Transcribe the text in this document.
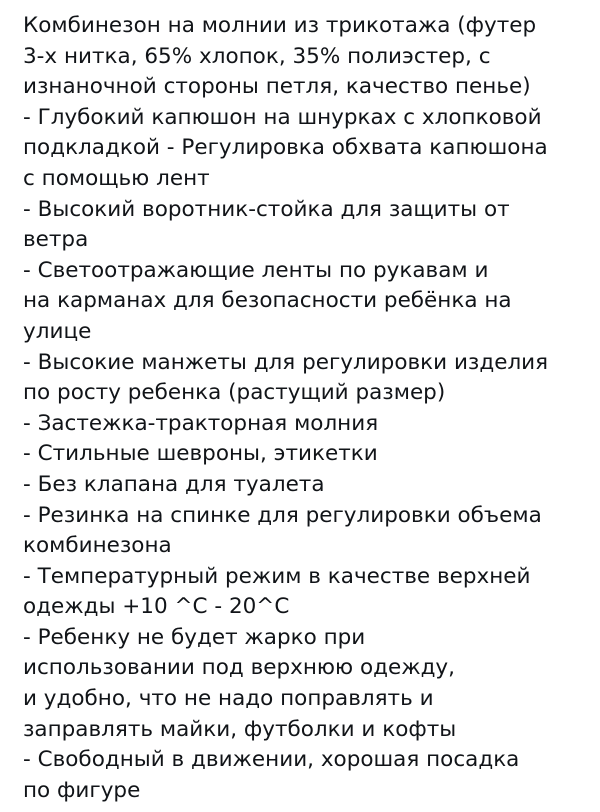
Комбинезон на молнии из трикотажа (футер
3-х нитка, 65% хлопок, 35% полиэстер, с
изнаночной стороны петля, качество пенье)
- Глубокий капюшон на шнурках с хлопковой
подкладкой - Регулировка обхвата капюшона
с помощью лент
- Высокий воротник-стойка для защиты от
ветра
- Светоотражающие ленты по рукавам и
на карманах для безопасности ребёнка на
улице
- Высокие манжеты для регулировки изделия
по росту ребенка (растущий размер)
- Застежка-тракторная молния
- Стильные шевроны, этикетки
- Без клапана для туалета
- Резинка на спинке для регулировки объема
комбинезона
- Температурный режим в качестве верхней
одежды +10 ^С - 20^С
- Ребенку не будет жарко при
использовании под верхнюю одежду,
и удобно, что не надо поправлять и
заправлять майки, футболки и кофты
- Свободный в движении, хорошая посадка
по фигуре
